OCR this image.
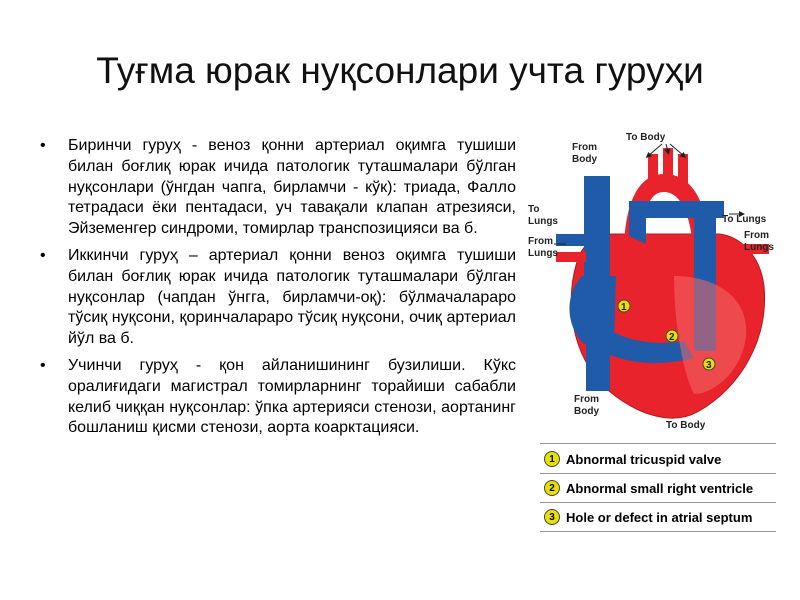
Туғма юрак нуқсонлари учта гуруҳи
• Биринчи гуруҳ - веноз қонни артериал оқимга тушиши билан боғлиқ юрак ичида патологик туташмалари бўлган нуқсонлари (ўнгдан чапга, бирламчи - кўк): триада, Фалло тетрадаси ёки пентадаси, уч тавақали клапан атрезияси, Эйземенгер синдроми, томирлар транспозицияси ва б.
• Иккинчи гуруҳ – артериал қонни веноз оқимга тушиши билан боғлиқ юрак ичида патологик туташмалари бўлган нуқсонлар (чапдан ўнгга, бирламчи-оқ): бўлмачалараро тўсиқ нуқсони, қоринчалараро тўсиқ нуқсони, очиқ артериал йўл ва б.
• Учинчи гуруҳ - қон айланишининг бузилиши. Кўкс оралиғидаги магистрал томирларнинг торайиши сабабли келиб чиққан нуқсонлар: ўпка артерияси стенози, аортанинг бошланиш қисми стенози, аорта коарктацияси.
1
2
3
To Body
From
Body
To
Lungs
From
Lungs
To Lungs
From
Lungs
From
Body
To Body
1 Abnormal tricuspid valve
2 Abnormal small right ventricle
3 Hole or defect in atrial septum
